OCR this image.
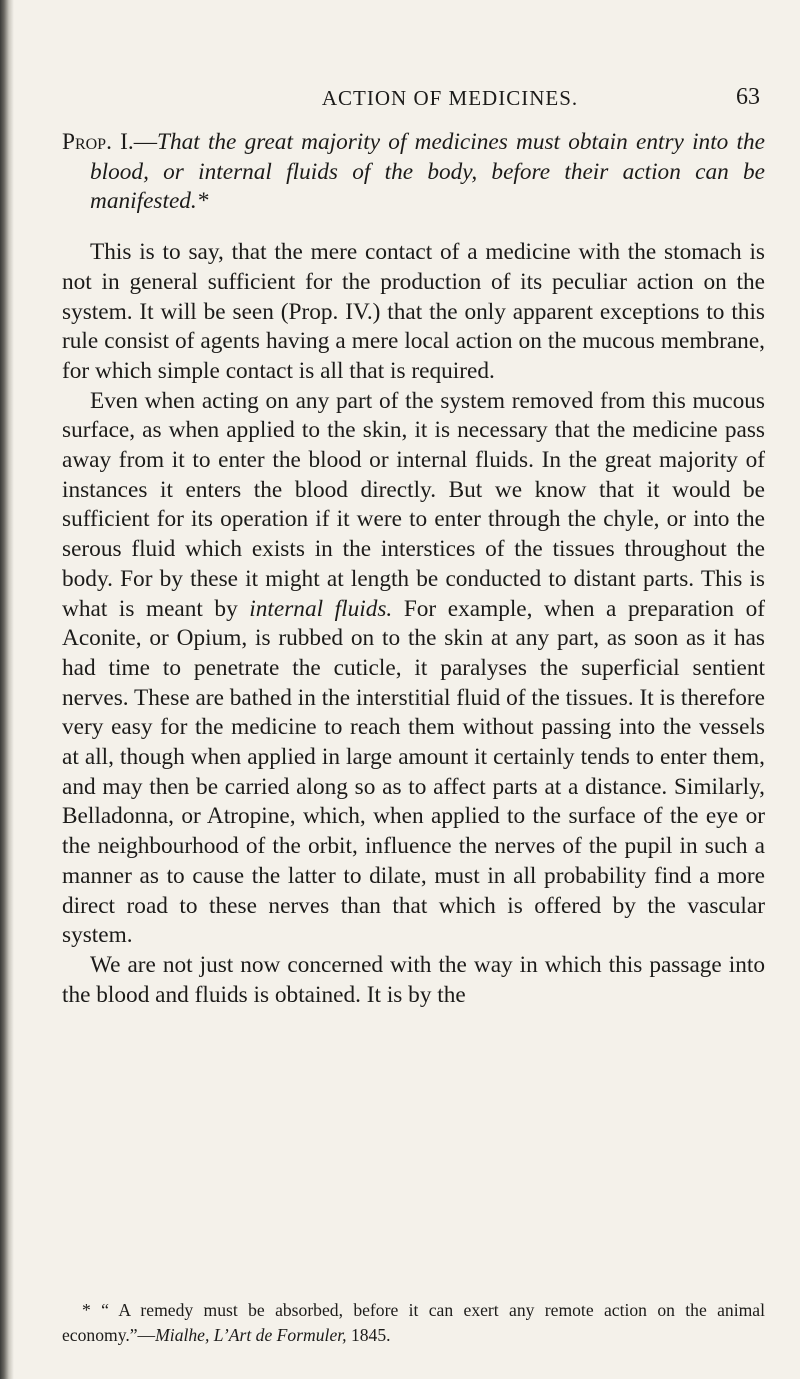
ACTION OF MEDICINES.	63

Prop. I.—That the great majority of medicines must obtain entry into the blood, or internal fluids of the body, before their action can be manifested.*

This is to say, that the mere contact of a medicine with the stomach is not in general sufficient for the production of its peculiar action on the system. It will be seen (Prop. IV.) that the only apparent exceptions to this rule consist of agents having a mere local action on the mucous membrane, for which simple contact is all that is required.

Even when acting on any part of the system removed from this mucous surface, as when applied to the skin, it is necessary that the medicine pass away from it to enter the blood or internal fluids. In the great majority of instances it enters the blood directly. But we know that it would be sufficient for its operation if it were to enter through the chyle, or into the serous fluid which exists in the interstices of the tissues throughout the body. For by these it might at length be conducted to distant parts. This is what is meant by internal fluids. For example, when a preparation of Aconite, or Opium, is rubbed on to the skin at any part, as soon as it has had time to penetrate the cuticle, it paralyses the superficial sentient nerves. These are bathed in the interstitial fluid of the tissues. It is therefore very easy for the medicine to reach them without passing into the vessels at all, though when applied in large amount it certainly tends to enter them, and may then be carried along so as to affect parts at a distance. Similarly, Belladonna, or Atropine, which, when applied to the surface of the eye or the neighbourhood of the orbit, influence the nerves of the pupil in such a manner as to cause the latter to dilate, must in all probability find a more direct road to these nerves than that which is offered by the vascular system.

We are not just now concerned with the way in which this passage into the blood and fluids is obtained. It is by the

* “ A remedy must be absorbed, before it can exert any remote action on the animal economy.”—Mialhe, L’Art de Formuler, 1845.
